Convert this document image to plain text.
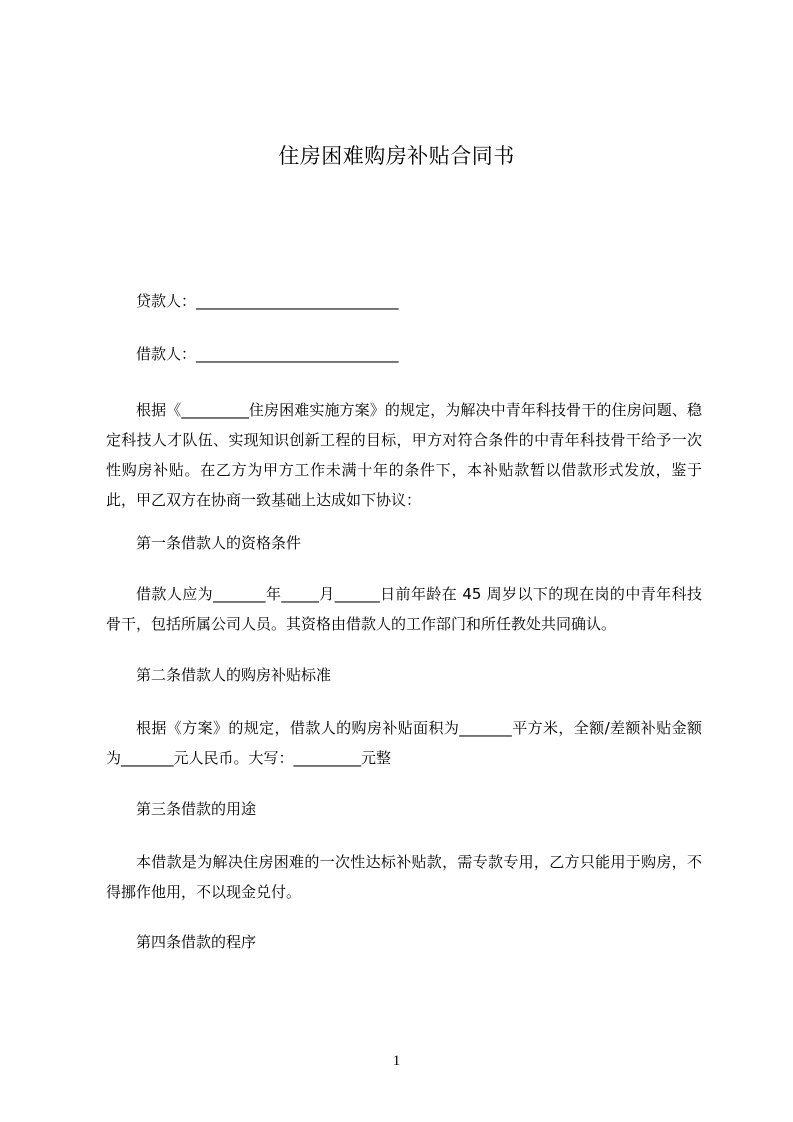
住房困难购房补贴合同书
贷款人：___________________________
借款人：___________________________
根据《_________住房困难实施方案》的规定，为解决中青年科技骨干的住房问题、稳定科技人才队伍、实现知识创新工程的目标，甲方对符合条件的中青年科技骨干给予一次性购房补贴。在乙方为甲方工作未满十年的条件下，本补贴款暂以借款形式发放，鉴于此，甲乙双方在协商一致基础上达成如下协议：
第一条借款人的资格条件
借款人应为_______年_____月______日前年龄在 45 周岁以下的现在岗的中青年科技骨干，包括所属公司人员。其资格由借款人的工作部门和所任教处共同确认。
第二条借款人的购房补贴标准
根据《方案》的规定，借款人的购房补贴面积为_______平方米，全额/差额补贴金额为_______元人民币。大写：_________元整
第三条借款的用途
本借款是为解决住房困难的一次性达标补贴款，需专款专用，乙方只能用于购房，不得挪作他用，不以现金兑付。
第四条借款的程序
1
